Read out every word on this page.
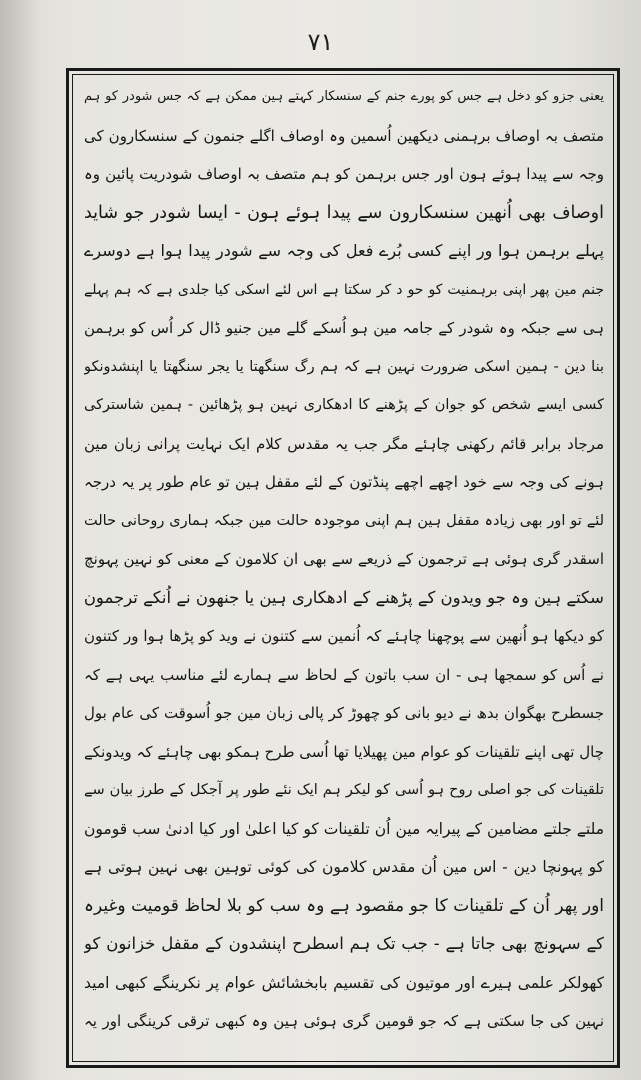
۷۱
یعنی جزو کو دخل ہے جس کو پورے جنم کے سنسکار کہتے ہین ممکن ہے کہ جس شودر کو ہم
متصف بہ اوصاف برہمنی دیکھین اُسمین وہ اوصاف اگلے جنمون کے سنسکارون کی
وجہ سے پیدا ہوئے ہون اور جس برہمن کو ہم متصف بہ اوصاف شودریت پائین وہ
اوصاف بھی اُنھین سنسکارون سے پیدا ہوئے ہون - ایسا شودر جو شاید
پہلے برہمن ہوا ور اپنے کسی بُرے فعل کی وجہ سے شودر پیدا ہوا ہے دوسرے
جنم مین پھر اپنی برہمنیت کو حو د کر سکتا ہے اس لئے اسکی کیا جلدی ہے کہ ہم پہلے
ہی سے جبکہ وہ شودر کے جامہ مین ہو اُسکے گلے مین جنیو ڈال کر اُس کو برہمن
بنا دین - ہمین اسکی ضرورت نہین ہے کہ ہم رگ سنگھتا یا یجر سنگھتا یا اپنشدونکو
کسی ایسے شخص کو جوان کے پڑھنے کا ادھکاری نہین ہو پڑھائین - ہمین شاسترکی
مرجاد برابر قائم رکھنی چاہئے مگر جب یہ مقدس کلام ایک نہایت پرانی زبان مین
ہونے کی وجہ سے خود اچھے اچھے پنڈتون کے لئے مقفل ہین تو عام طور پر یہ درجہ
لئے تو اور بھی زیادہ مقفل ہین ہم اپنی موجودہ حالت مین جبکہ ہماری روحانی حالت
اسقدر گری ہوئی ہے ترجمون کے ذریعے سے بھی ان کلامون کے معنی کو نہین پہونچ
سکتے ہین وہ جو ویدون کے پڑھنے کے ادھکاری ہین یا جنھون نے اُنکے ترجمون
کو دیکھا ہو اُنھین سے پوچھنا چاہئے کہ اُنمین سے کتنون نے وید کو پڑھا ہوا ور کتنون
نے اُس کو سمجھا ہی - ان سب باتون کے لحاظ سے ہمارے لئے مناسب یہی ہے کہ
جسطرح بھگوان بدھ نے دیو بانی کو چھوڑ کر پالی زبان مین جو اُسوقت کی عام بول
چال تھی اپنے تلقینات کو عوام مین پھیلایا تھا اُسی طرح ہمکو بھی چاہئے کہ ویدونکے
تلقینات کی جو اصلی روح ہو اُسی کو لیکر ہم ایک نئے طور پر آجکل کے طرز بیان سے
ملتے جلتے مضامین کے پیرایہ مین اُن تلقینات کو کیا اعلیٰ اور کیا ادنیٰ سب قومون
کو پہونچا دین - اس مین اُن مقدس کلامون کی کوئی توہین بھی نہین ہوتی ہے
اور پھر اُن کے تلقینات کا جو مقصود ہے وہ سب کو بلا لحاظ قومیت وغیرہ
کے سہونچ بھی جاتا ہے - جب تک ہم اسطرح اپنشدون کے مقفل خزانون کو
کھولکر علمی ہیرے اور موتیون کی تقسیم بابخشائش عوام پر نکرینگے کبھی امید
نہین کی جا سکتی ہے کہ جو قومین گری ہوئی ہین وہ کبھی ترقی کرینگی اور یہ
